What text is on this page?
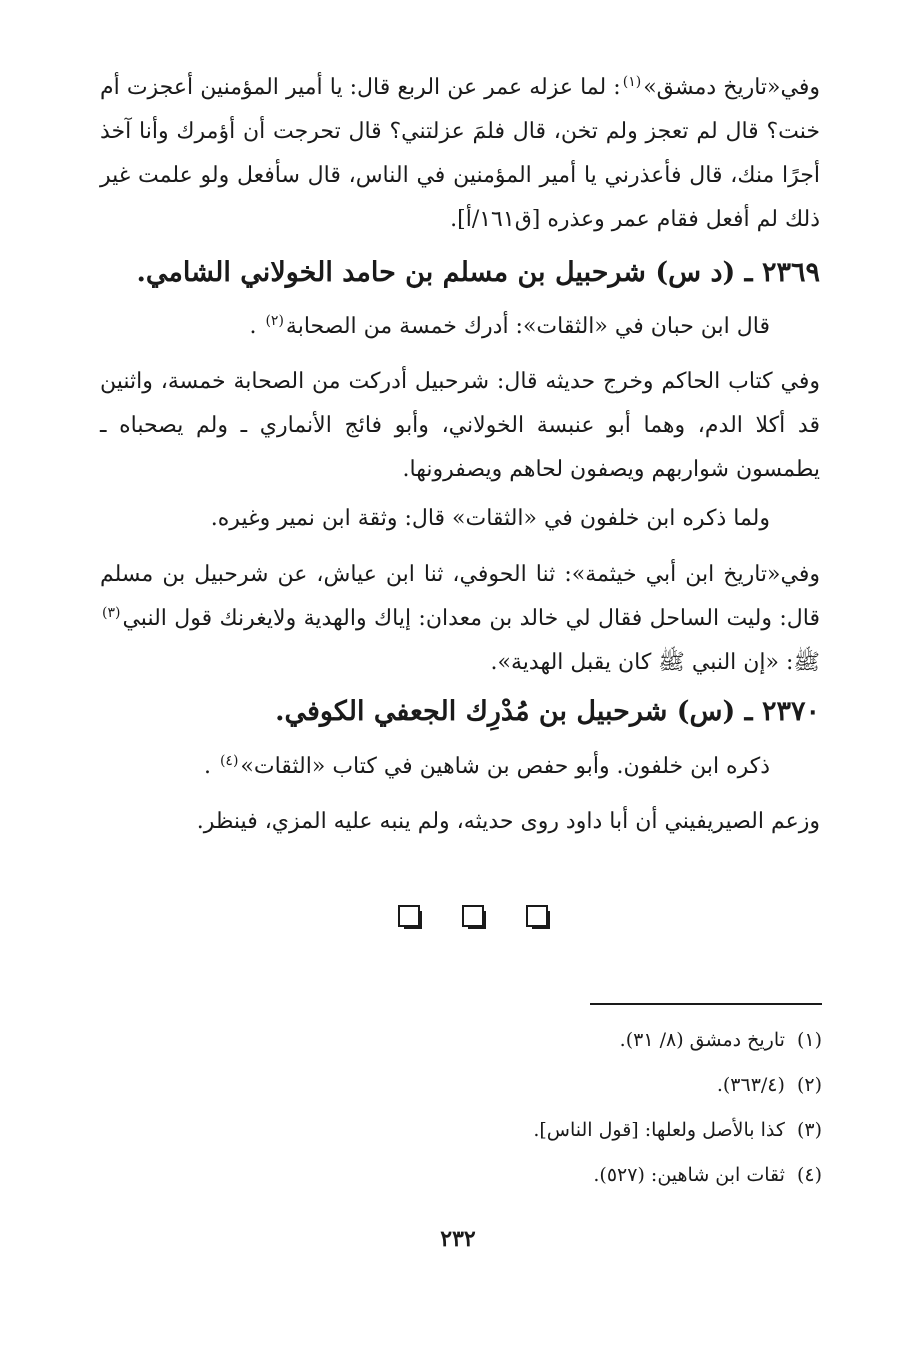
وفي«تاريخ دمشق»$^{(١)}$: لما عزله عمر عن الربع قال: يا أمير المؤمنين أعجزت أم خنت؟ قال لم تعجز ولم تخن، قال فلمَ عزلتني؟ قال تحرجت أن أؤمرك وأنا آخذ أجرًا منك، قال فأعذرني يا أمير المؤمنين في الناس، قال سأفعل ولو علمت غير ذلك لم أفعل فقام عمر وعذره [ق١٦١/أ].
٢٣٦٩ ـ (د س) شرحبيل بن مسلم بن حامد الخولاني الشامي.
قال ابن حبان في «الثقات»: أدرك خمسة من الصحابة$^{(٢)}$ .
وفي كتاب الحاكم وخرج حديثه قال: شرحبيل أدركت من الصحابة خمسة، واثنين قد أكلا الدم، وهما أبو عنبسة الخولاني، وأبو فائج الأنماري ـ ولم يصحباه ـ يطمسون شواربهم ويصفون لحاهم ويصفرونها.
ولما ذكره ابن خلفون في «الثقات» قال: وثقة ابن نمير وغيره.
وفي«تاريخ ابن أبي خيثمة»: ثنا الحوفي، ثنا ابن عياش، عن شرحبيل بن مسلم قال: وليت الساحل فقال لي خالد بن معدان: إياك والهدية ولايغرنك قول النبي$^{(٣)}$ ﷺ: «إن النبي ﷺ كان يقبل الهدية».
٢٣٧٠ ـ (س) شرحبيل بن مُدْرِك الجعفي الكوفي.
ذكره ابن خلفون. وأبو حفص بن شاهين في كتاب «الثقات»$^{(٤)}$ .
وزعم الصيريفيني أن أبا داود روى حديثه، ولم ينبه عليه المزي، فينظر.
(١)
تاريخ دمشق (٨/ ٣١).
(٢)
(٣٦٣/٤).
(٣)
كذا بالأصل ولعلها: [قول الناس].
(٤)
ثقات ابن شاهين: (٥٢٧).
٢٣٢
